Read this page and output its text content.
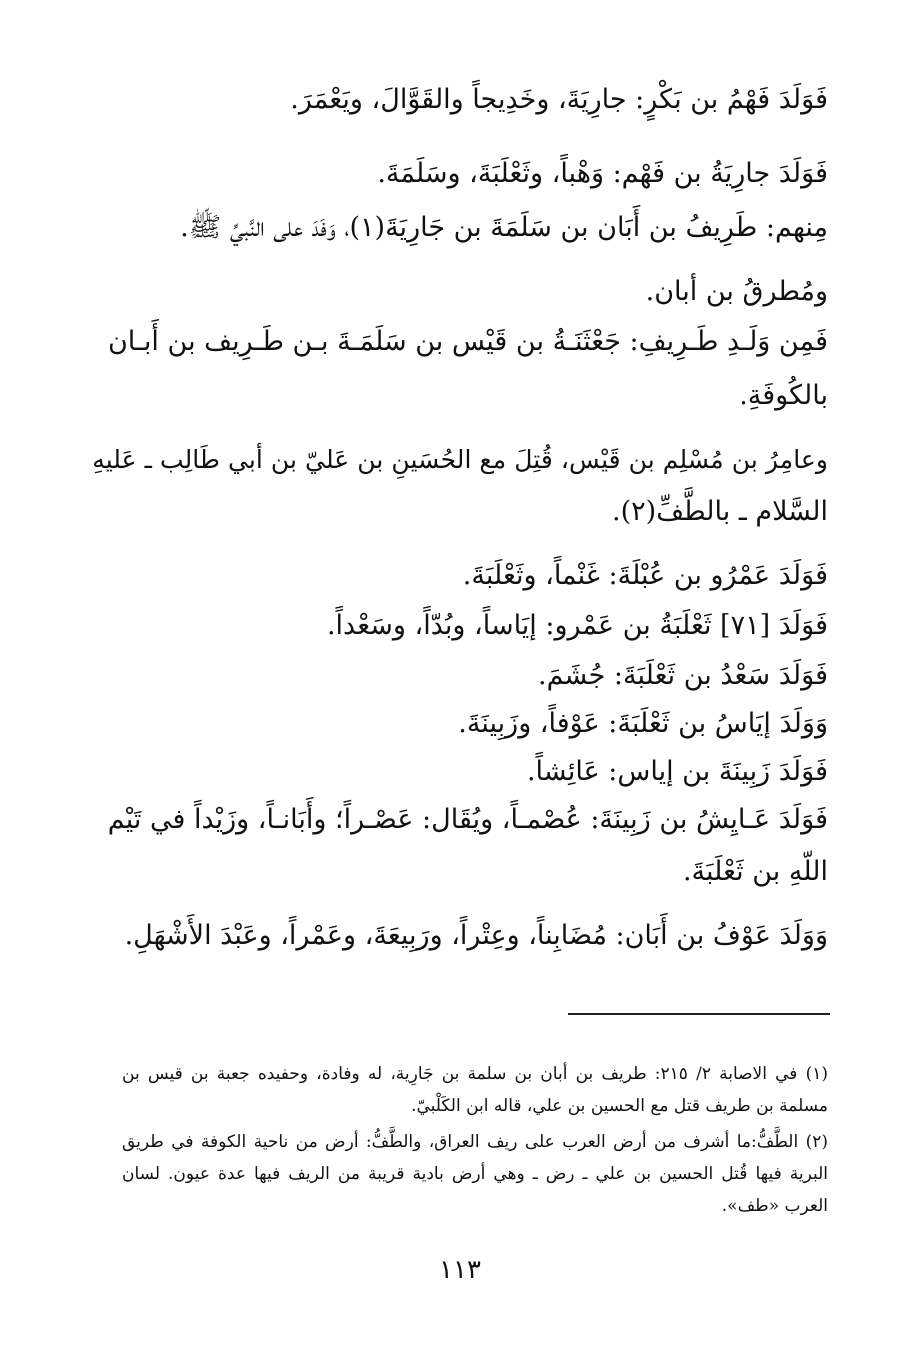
فَوَلَدَ فَهْمُ بن بَكْرٍ: جارِيَةَ، وخَدِيجاً والقَوَّالَ، ويَعْمَرَ.
فَوَلَدَ جارِيَةُ بن فَهْم: وَهْباً، وثَعْلَبَةَ، وسَلَمَةَ.
مِنهم: طَرِيفُ بن أَبَان بن سَلَمَةَ بن جَارِيَةَ(١)، وَفَدَ على النَّبيِّ ﷺ.
ومُطرقُ بن أبان.
فَمِن وَلَـدِ طَـرِيفِ: جَعْثَنَـةُ بن قَيْس بن سَلَمَـةَ بـن طَـرِيف بن أَبـان
بالكُوفَةِ.
وعامِرُ بن مُسْلِم بن قَيْس، قُتِلَ مع الحُسَينِ بن عَليّ بن أبي طَالِب ـ عَليهِ
السَّلام ـ بالطَّفِّ(٢).
فَوَلَدَ عَمْرُو بن عُبْلَةَ: غَنْماً، وثَعْلَبَةَ.
فَوَلَدَ [٧١] ثَعْلَبَةُ بن عَمْرو: إيَاساً، وبُدّاً، وسَعْداً.
فَوَلَدَ سَعْدُ بن ثَعْلَبَةَ: جُشَمَ.
وَوَلَدَ إيَاسُ بن ثَعْلَبَةَ: عَوْفاً، وزَبِينَةَ.
فَوَلَدَ زَبِينَةَ بن إياس: عَائِشاً.
فَوَلَدَ عَـايِشُ بن زَبِينَةَ: عُصْمـاً، ويُقَال: عَصْـراً؛ وأَبَانـاً، وزَيْداً في تَيْم
اللّهِ بن ثَعْلَبَةَ.
وَوَلَدَ عَوْفُ بن أَبَان: مُضَابِناً، وعِتْراً، ورَبِيعَةَ، وعَمْراً، وعَبْدَ الأَشْهَلِ.
(١) في الاصابة ٢/ ٢١٥: طريف بن أبان بن سلمة بن جَارِية، له وفادة، وحفيده جعبة بن قيس بن
مسلمة بن طريف قتل مع الحسين بن علي، قاله ابن الكَلْبيّ.
(٢) الطَّفُّ:ما أشرف من أرض العرب على ريف العراق، والطَّفُّ: أرض من ناحية الكوفة في طريق
البرية فيها قُتل الحسين بن علي ـ رض ـ وهي أرض بادية قريبة من الريف فيها عدة عيون. لسان
العرب «طف».
١١٣
